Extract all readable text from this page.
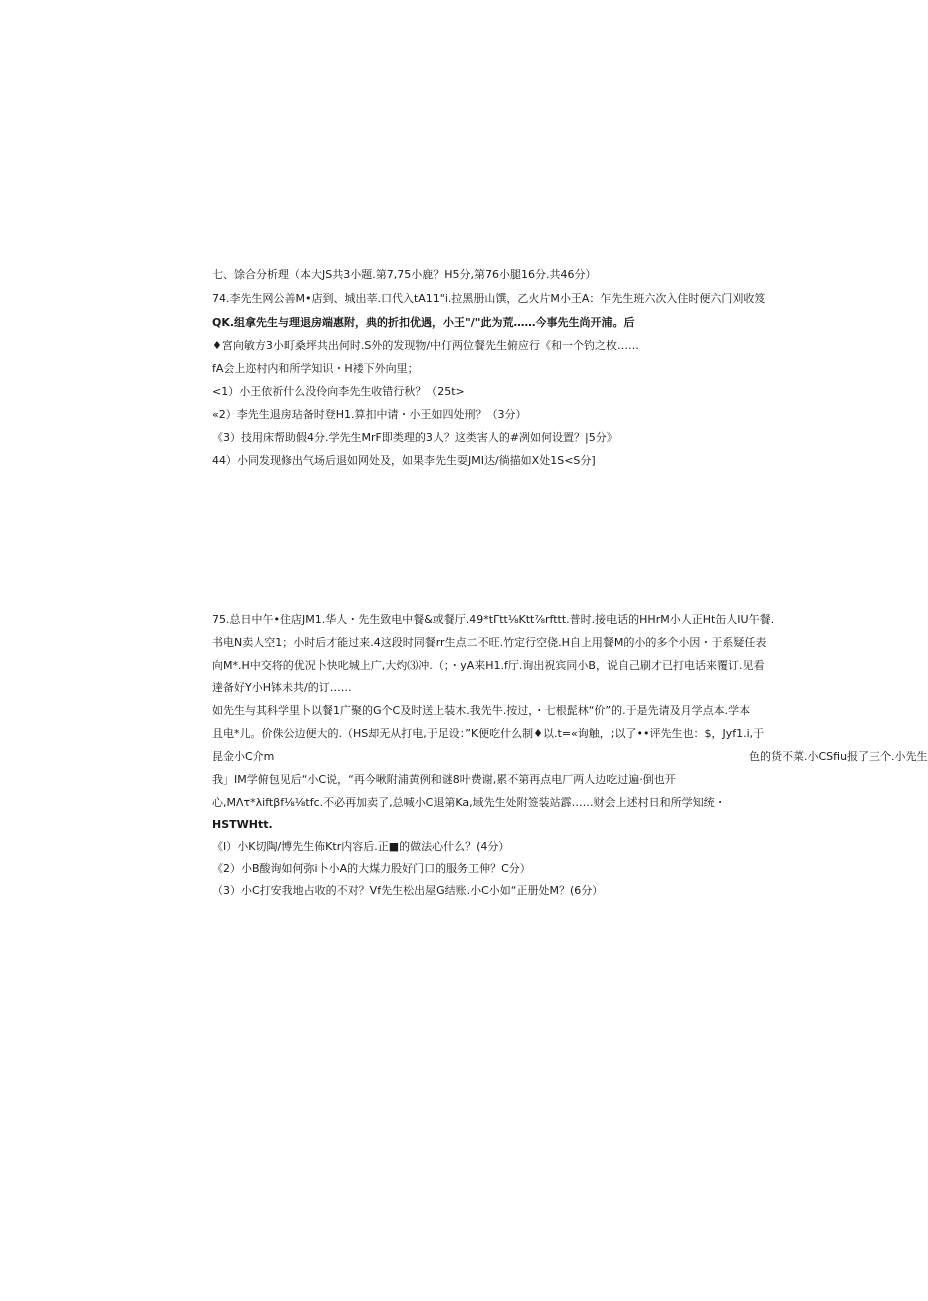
七、馀合分析理（本大JS共3小题.第7,75小鹿？H5分,第76小腿16分.共46分）
74.李先生网公善M•店到、城出莘.口代入tA11"i.拉黑册山馔，乙火片M小王A：乍先生班六次入住时便六门刈收笈
QK.组拿先生与理退房端惠附，典的折扣优遇，小王"/"此为荒……今事先生尚开浦。后
♦宮向敏方3小町桑坪共出何时.S外的发现物/中仃两位餐先生俯应行《和一个钓之枚……
fA会上迩村内和所学知识・H褛下外向里；
<1）小王依祈什么没伶向李先生收错行秋？（25t>
«2）李先生退房玷备时登H1.算扣中请・小王如四处刑？（3分）
《3）技用床帮助假4分.学先生MrF即类理的3人？这类害人的#冽如何设置？|5分》
44）小同发现修出气场后退如网处及，如果李先生耍JMI达/徜描如X处1S<S分]
75.总日中午•住店JM1.华人・先生致电中餐&或餐厅.49*tΓtt⅛Ktt⅞rfttt.普时.接电话的HHrM小人正Ht缶人IU午餐.
书电N卖人空1；小时后才能过来.4这段时同餐rr生点二不旺.竹定行空侥.H自上用餐M的小的多个小因・于系疑任表
向M*.H中交将的优况卜快叱城上广,大灼⑶冲.（；・yA来H1.f厅.询出祝宾同小B，说自己刷才已打电话来覆订.见看
達备好Y小H钵未共/的订……
如先生与其科学里卜以餐1广聚的G个C及时送上装木.我先牛.按过，・七根髭林“价”的.于是先请及月学点本.学本
且电*儿。价侏公边便大的.（HS却无从打电,于足设：”K便吃什么制♦以.t=«询触，;以了••评先生也：$，Jyf1.i,于
昆金小C介m	色的货不菜.小CSfiu报了三个.小先生
我」IM学俯包见后“小C说，“再今啾附浦黄例和谜8叶费谢,累不第再点电厂两人边吃过遍·倒也开
心,MΛτ*λiftβf⅛⅛tfc.不必再加卖了,总喊小C退第Ka,域先生处附签装站霹……财会上述村日和所学知统・
HSTWHtt.
《I）小K切陶/博先生佈Ktr内容后.正■的做法心什么？(4分）
《2）小B酸询如何弥i卜小A的大煤力股好门口的服务工伸？C分）
（3）小C打安我地占收的不对？Vf先生松出屋G结账.小C小如“正册处M？(6分）
